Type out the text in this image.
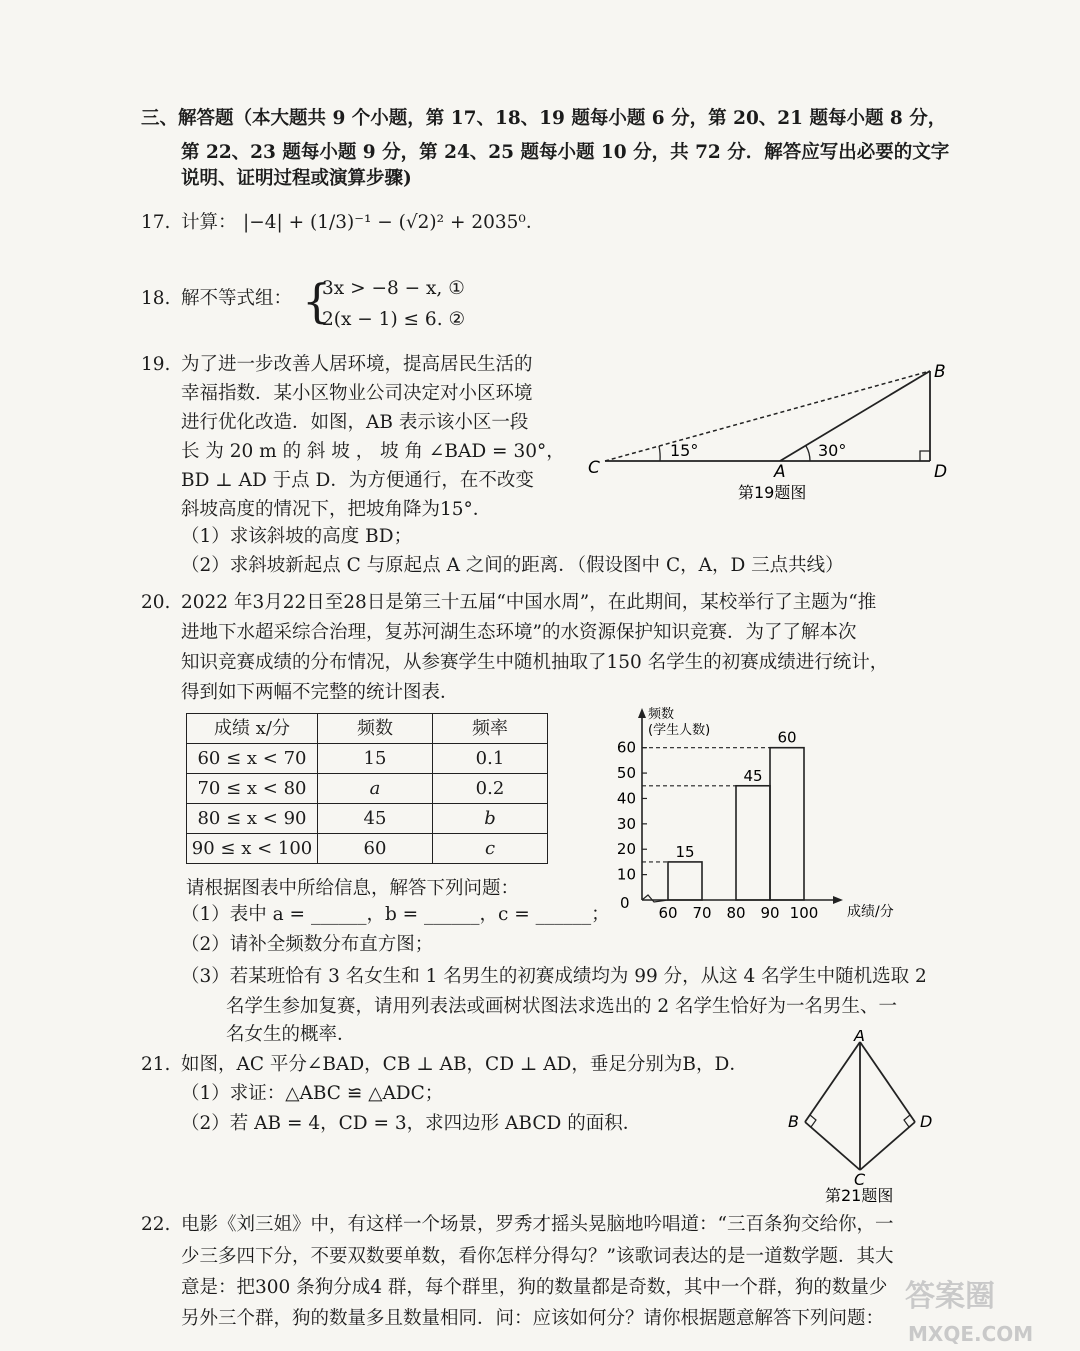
三、解答题（本大题共 9 个小题，第 17、18、19 题每小题 6 分，第 20、21 题每小题 8 分，
第 22、23 题每小题 9 分，第 24、25 题每小题 10 分，共 72 分．解答应写出必要的文字
说明、证明过程或演算步骤)
17. 计算： |−4| + (1/3)⁻¹ − (√2)² + 2035⁰．
18. 解不等式组： {
3x > −8 − x, ①
2(x − 1) ≤ 6. ②
19. 为了进一步改善人居环境，提高居民生活的
幸福指数．某小区物业公司决定对小区环境
进行优化改造．如图，AB 表示该小区一段
长 为 20 m 的 斜 坡 ， 坡 角 ∠BAD = 30°，
BD ⊥ AD 于点 D．为方便通行，在不改变
斜坡高度的情况下，把坡角降为15°．
（1）求该斜坡的高度 BD；
（2）求斜坡新起点 C 与原起点 A 之间的距离．（假设图中 C，A，D 三点共线）
B
C	A	D
15°	30°
第19题图
20. 2022 年3月22日至28日是第三十五届“中国水周”，在此期间，某校举行了主题为“推
进地下水超采综合治理，复苏河湖生态环境”的水资源保护知识竞赛．为了了解本次
知识竞赛成绩的分布情况，从参赛学生中随机抽取了150 名学生的初赛成绩进行统计，
得到如下两幅不完整的统计图表．
成绩 x/分	频数	频率
60 ≤ x < 70	15	0.1
70 ≤ x < 80	a	0.2
80 ≤ x < 90	45	b
90 ≤ x < 100	60	c
频数
(学生人数)
成绩/分
0
10
20
30
40
50
60
60 70 80 90 100
15
45
60
请根据图表中所给信息，解答下列问题：
（1）表中 a = ______，b = ______，c = ______；
（2）请补全频数分布直方图；
（3）若某班恰有 3 名女生和 1 名男生的初赛成绩均为 99 分，从这 4 名学生中随机选取 2
名学生参加复赛，请用列表法或画树状图法求选出的 2 名学生恰好为一名男生、一
名女生的概率．
21. 如图，AC 平分∠BAD，CB ⊥ AB，CD ⊥ AD，垂足分别为B，D．
（1）求证：△ABC ≌ △ADC；
（2）若 AB = 4，CD = 3，求四边形 ABCD 的面积．
A
B
C
D
第21题图
22. 电影《刘三姐》中，有这样一个场景，罗秀才摇头晃脑地吟唱道：“三百条狗交给你，一
少三多四下分，不要双数要单数，看你怎样分得勾？”该歌词表达的是一道数学题．其大
意是：把300 条狗分成4 群，每个群里，狗的数量都是奇数，其中一个群，狗的数量少
另外三个群，狗的数量多且数量相同．问：应该如何分？请你根据题意解答下列问题：
答案圈
MXQE.COM
